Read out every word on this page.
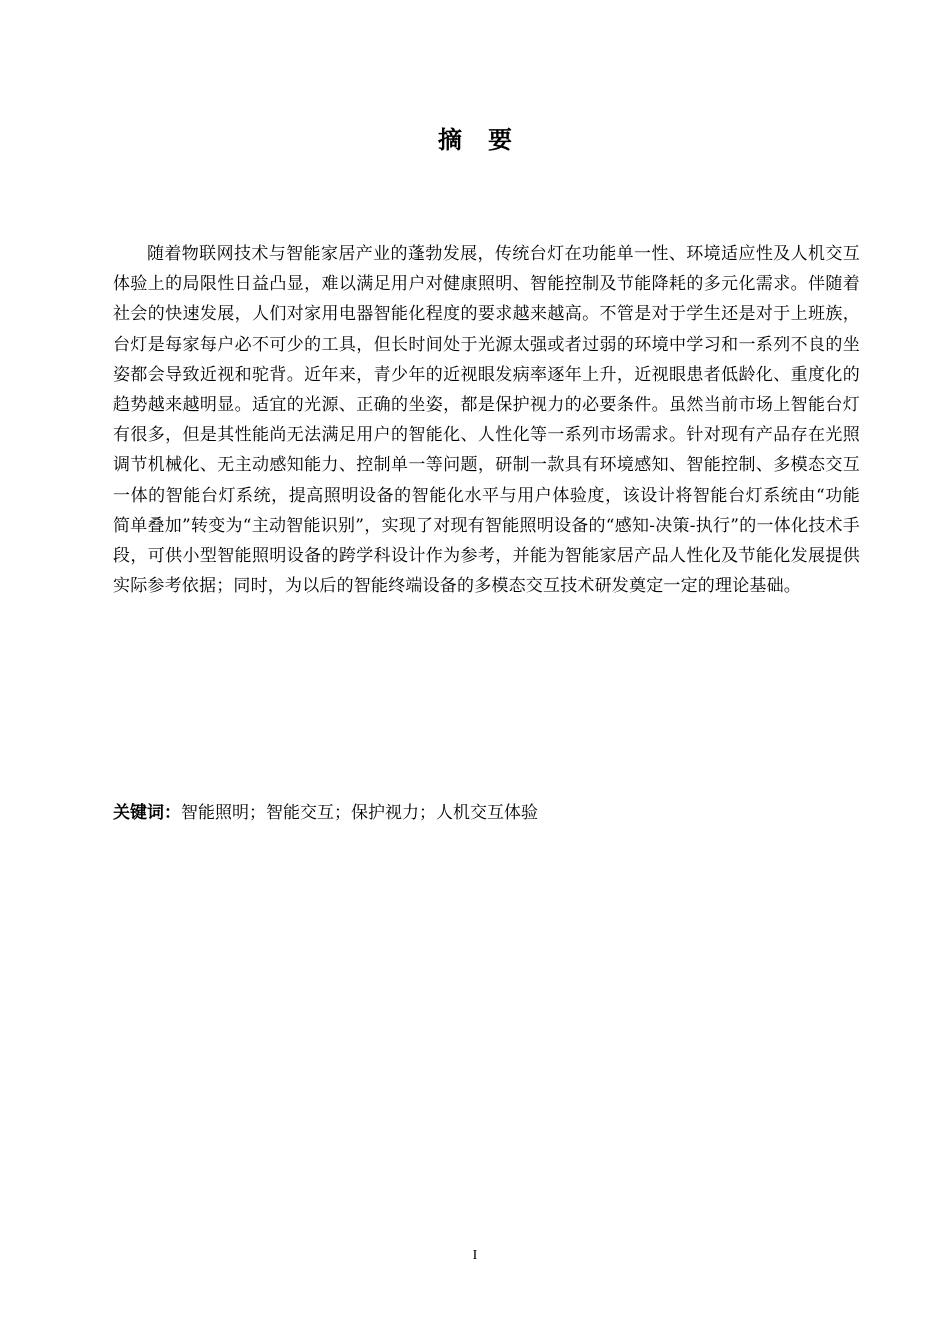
摘要

随着物联网技术与智能家居产业的蓬勃发展，传统台灯在功能单一性、环境适应性及人机交互体验上的局限性日益凸显，难以满足用户对健康照明、智能控制及节能降耗的多元化需求。伴随着社会的快速发展，人们对家用电器智能化程度的要求越来越高。不管是对于学生还是对于上班族，台灯是每家每户必不可少的工具，但长时间处于光源太强或者过弱的环境中学习和一系列不良的坐姿都会导致近视和驼背。近年来，青少年的近视眼发病率逐年上升，近视眼患者低龄化、重度化的趋势越来越明显。适宜的光源、正确的坐姿，都是保护视力的必要条件。虽然当前市场上智能台灯有很多，但是其性能尚无法满足用户的智能化、人性化等一系列市场需求。针对现有产品存在光照调节机械化、无主动感知能力、控制单一等问题，研制一款具有环境感知、智能控制、多模态交互一体的智能台灯系统，提高照明设备的智能化水平与用户体验度，该设计将智能台灯系统由“功能简单叠加”转变为“主动智能识别”，实现了对现有智能照明设备的“感知-决策-执行”的一体化技术手段，可供小型智能照明设备的跨学科设计作为参考，并能为智能家居产品人性化及节能化发展提供实际参考依据；同时，为以后的智能终端设备的多模态交互技术研发奠定一定的理论基础。

关键词：智能照明；智能交互；保护视力；人机交互体验

I
